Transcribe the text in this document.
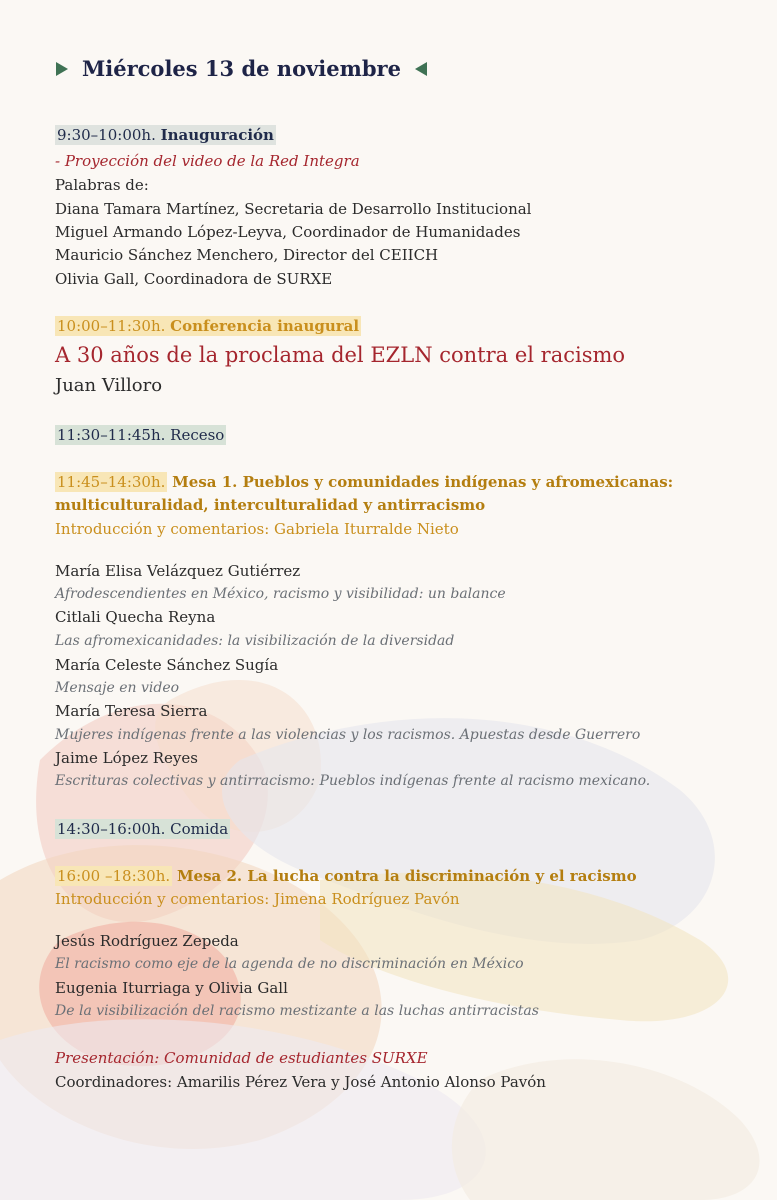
Miércoles 13 de noviembre
9:30–10:00h. Inauguración
- Proyección del video de la Red Integra
Palabras de:
Diana Tamara Martínez, Secretaria de Desarrollo Institucional
Miguel Armando López-Leyva, Coordinador de Humanidades
Mauricio Sánchez Menchero, Director del CEIICH
Olivia Gall, Coordinadora de SURXE
10:00–11:30h. Conferencia inaugural
A 30 años de la proclama del EZLN contra el racismo
Juan Villoro
11:30–11:45h. Receso
11:45–14:30h. Mesa 1. Pueblos y comunidades indígenas y afromexicanas:
multiculturalidad, interculturalidad y antirracismo
Introducción y comentarios: Gabriela Iturralde Nieto
María Elisa Velázquez Gutiérrez
Afrodescendientes en México, racismo y visibilidad: un balance
Citlali Quecha Reyna
Las afromexicanidades: la visibilización de la diversidad
María Celeste Sánchez Sugía
Mensaje en video
María Teresa Sierra
Mujeres indígenas frente a las violencias y los racismos. Apuestas desde Guerrero
Jaime López Reyes
Escrituras colectivas y antirracismo: Pueblos indígenas frente al racismo mexicano.
14:30–16:00h. Comida
16:00 –18:30h. Mesa 2. La lucha contra la discriminación y el racismo
Introducción y comentarios: Jimena Rodríguez Pavón
Jesús Rodríguez Zepeda
El racismo como eje de la agenda de no discriminación en México
Eugenia Iturriaga y Olivia Gall
De la visibilización del racismo mestizante a las luchas antirracistas
Presentación: Comunidad de estudiantes SURXE
Coordinadores: Amarilis Pérez Vera y José Antonio Alonso Pavón
